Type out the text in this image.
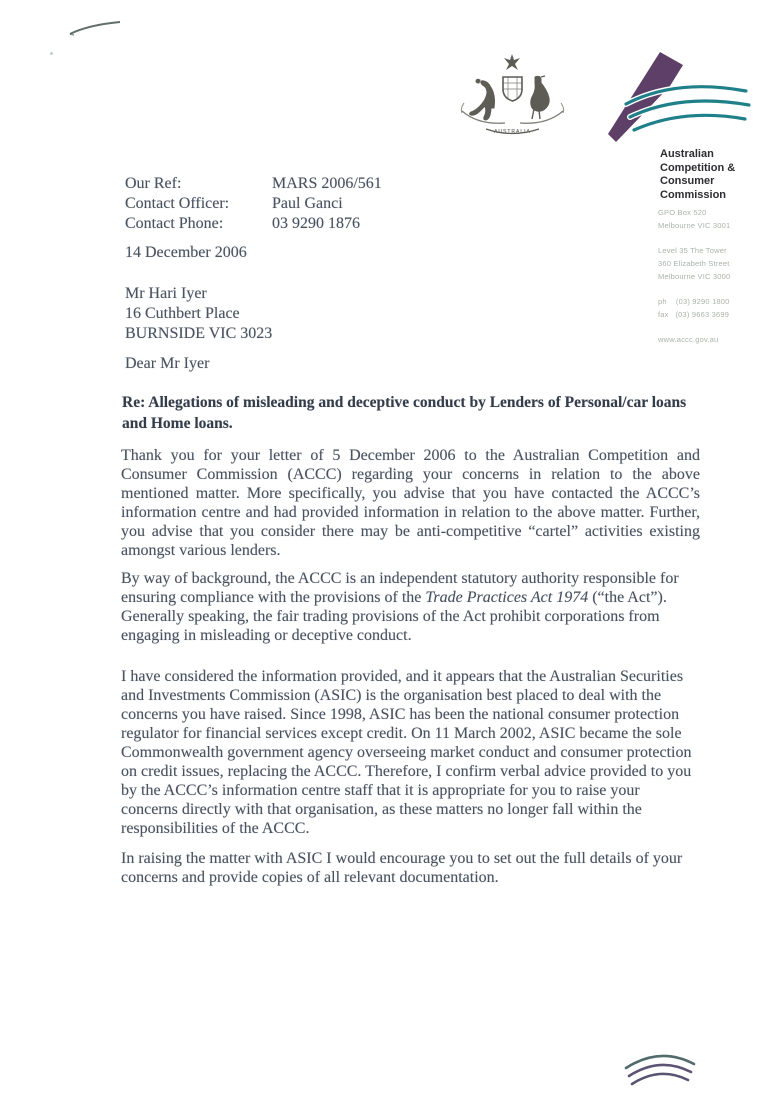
AUSTRALIA
Australian
Competition &
Consumer
Commission
GPO Box 520
Melbourne VIC 3001
Level 35 The Tower
360 Elizabeth Street
Melbourne VIC 3000
ph    (03) 9290 1800
fax   (03) 9663 3699
www.accc.gov.au
Our Ref:	MARS 2006/561
Contact Officer:	Paul Ganci
Contact Phone:	03 9290 1876
14 December 2006
Mr Hari Iyer
16 Cuthbert Place
BURNSIDE VIC 3023
Dear Mr Iyer
Re: Allegations of misleading and deceptive conduct by Lenders of Personal/car loans and Home loans.
Thank you for your letter of 5 December 2006 to the Australian Competition and Consumer Commission (ACCC) regarding your concerns in relation to the above mentioned matter. More specifically, you advise that you have contacted the ACCC’s information centre and had provided information in relation to the above matter. Further, you advise that you consider there may be anti-competitive “cartel” activities existing amongst various lenders.
By way of background, the ACCC is an independent statutory authority responsible for ensuring compliance with the provisions of the Trade Practices Act 1974 (“the Act”). Generally speaking, the fair trading provisions of the Act prohibit corporations from engaging in misleading or deceptive conduct.
I have considered the information provided, and it appears that the Australian Securities and Investments Commission (ASIC) is the organisation best placed to deal with the concerns you have raised. Since 1998, ASIC has been the national consumer protection regulator for financial services except credit. On 11 March 2002, ASIC became the sole Commonwealth government agency overseeing market conduct and consumer protection on credit issues, replacing the ACCC. Therefore, I confirm verbal advice provided to you by the ACCC’s information centre staff that it is appropriate for you to raise your concerns directly with that organisation, as these matters no longer fall within the responsibilities of the ACCC.
In raising the matter with ASIC I would encourage you to set out the full details of your concerns and provide copies of all relevant documentation.
